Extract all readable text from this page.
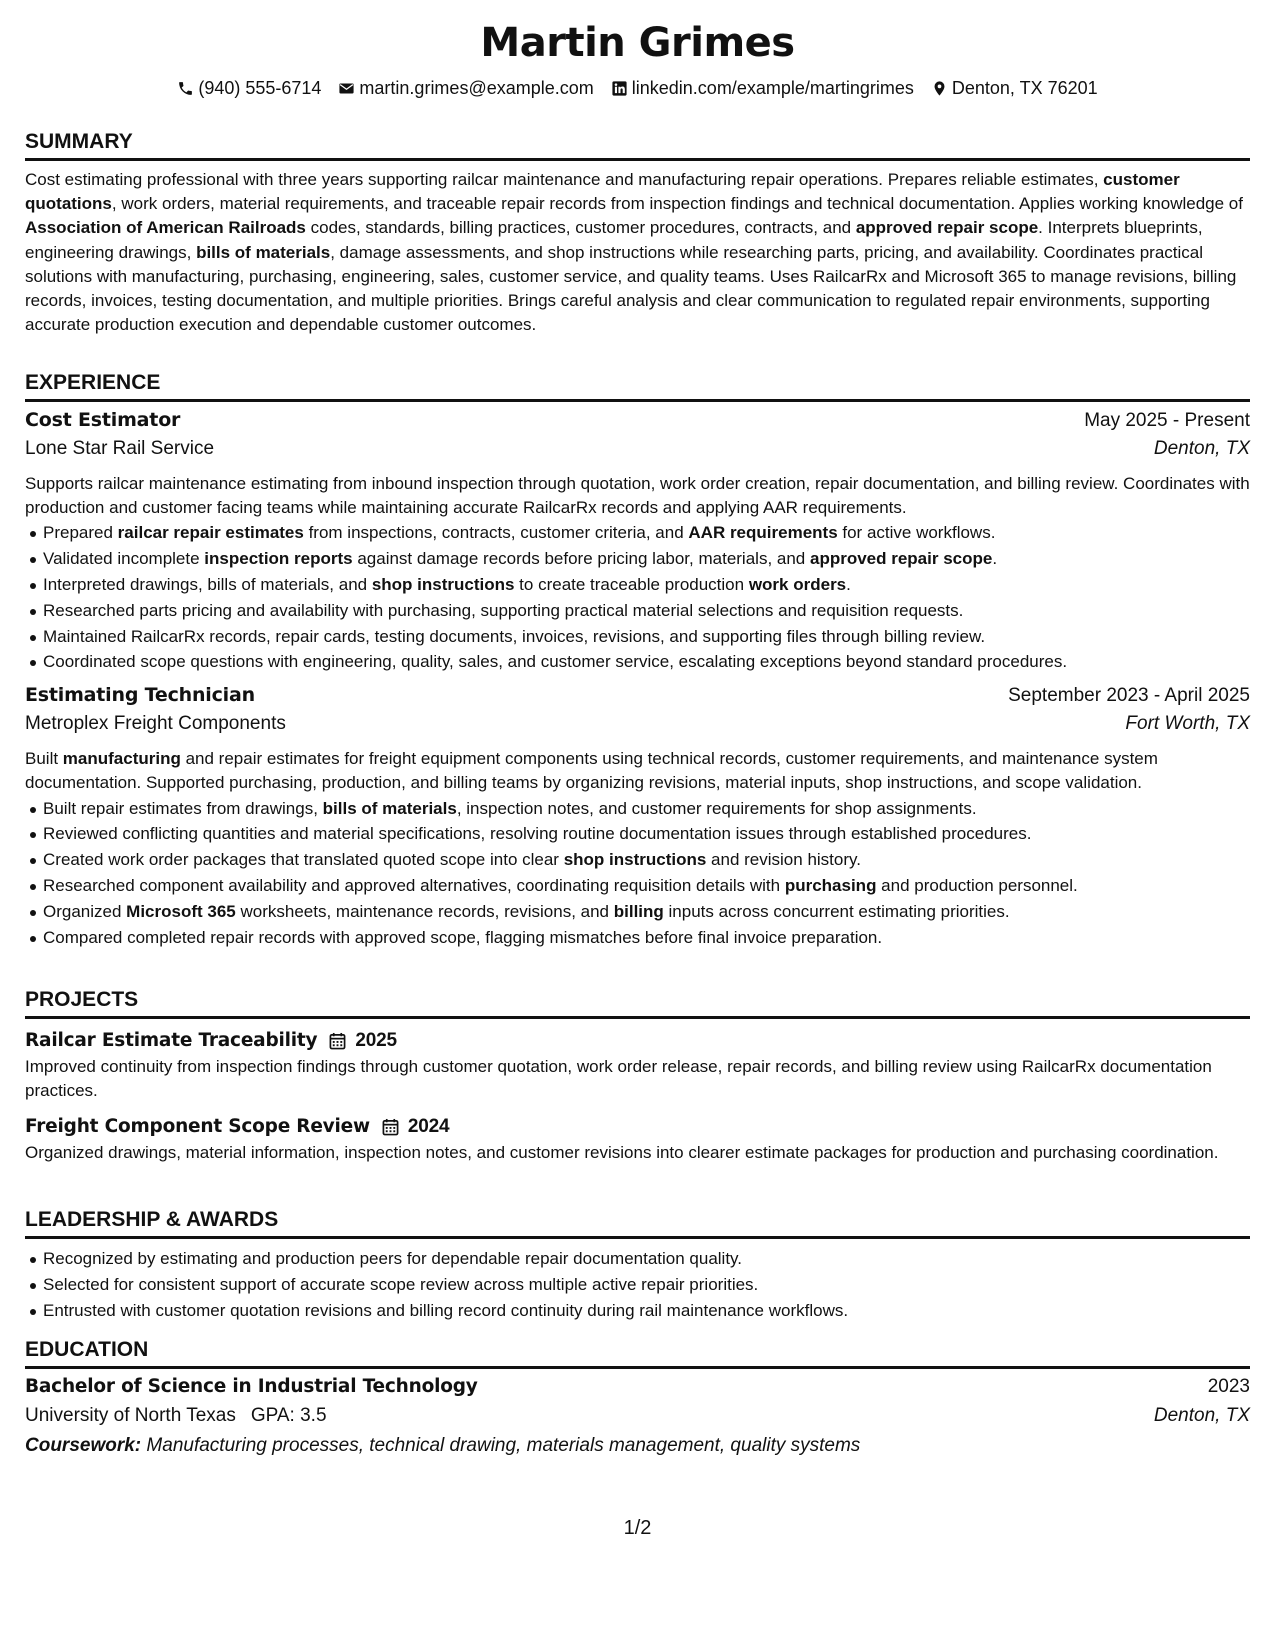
Martin Grimes
(940) 555-6714 martin.grimes@example.com linkedin.com/example/martingrimes Denton, TX 76201
SUMMARY

Cost estimating professional with three years supporting railcar maintenance and manufacturing repair operations. Prepares reliable estimates, customer quotations, work orders, material requirements, and traceable repair records from inspection findings and technical documentation. Applies working knowledge of Association of American Railroads codes, standards, billing practices, customer procedures, contracts, and approved repair scope. Interprets blueprints, engineering drawings, bills of materials, damage assessments, and shop instructions while researching parts, pricing, and availability. Coordinates practical solutions with manufacturing, purchasing, engineering, sales, customer service, and quality teams. Uses RailcarRx and Microsoft 365 to manage revisions, billing records, invoices, testing documentation, and multiple priorities. Brings careful analysis and clear communication to regulated repair environments, supporting accurate production execution and dependable customer outcomes.

EXPERIENCE
Cost Estimator	May 2025 - Present
Lone Star Rail Service	Denton, TX

Supports railcar maintenance estimating from inbound inspection through quotation, work order creation, repair documentation, and billing review. Coordinates with production and customer facing teams while maintaining accurate RailcarRx records and applying AAR requirements.

Prepared railcar repair estimates from inspections, contracts, customer criteria, and AAR requirements for active workflows.
Validated incomplete inspection reports against damage records before pricing labor, materials, and approved repair scope.
Interpreted drawings, bills of materials, and shop instructions to create traceable production work orders.
Researched parts pricing and availability with purchasing, supporting practical material selections and requisition requests.
Maintained RailcarRx records, repair cards, testing documents, invoices, revisions, and supporting files through billing review.
Coordinated scope questions with engineering, quality, sales, and customer service, escalating exceptions beyond standard procedures.
Estimating Technician	September 2023 - April 2025
Metroplex Freight Components	Fort Worth, TX

Built manufacturing and repair estimates for freight equipment components using technical records, customer requirements, and maintenance system documentation. Supported purchasing, production, and billing teams by organizing revisions, material inputs, shop instructions, and scope validation.

Built repair estimates from drawings, bills of materials, inspection notes, and customer requirements for shop assignments.
Reviewed conflicting quantities and material specifications, resolving routine documentation issues through established procedures.
Created work order packages that translated quoted scope into clear shop instructions and revision history.
Researched component availability and approved alternatives, coordinating requisition details with purchasing and production personnel.
Organized Microsoft 365 worksheets, maintenance records, revisions, and billing inputs across concurrent estimating priorities.
Compared completed repair records with approved scope, flagging mismatches before final invoice preparation.
PROJECTS
Railcar Estimate Traceability 2025

Improved continuity from inspection findings through customer quotation, work order release, repair records, and billing review using RailcarRx documentation practices.

Freight Component Scope Review 2024

Organized drawings, material information, inspection notes, and customer revisions into clearer estimate packages for production and purchasing coordination.

LEADERSHIP & AWARDS
Recognized by estimating and production peers for dependable repair documentation quality.
Selected for consistent support of accurate scope review across multiple active repair priorities.
Entrusted with customer quotation revisions and billing record continuity during rail maintenance workflows.
EDUCATION
Bachelor of Science in Industrial Technology	2023
University of North Texas GPA: 3.5	Denton, TX
Coursework: Manufacturing processes, technical drawing, materials management, quality systems
1/2
